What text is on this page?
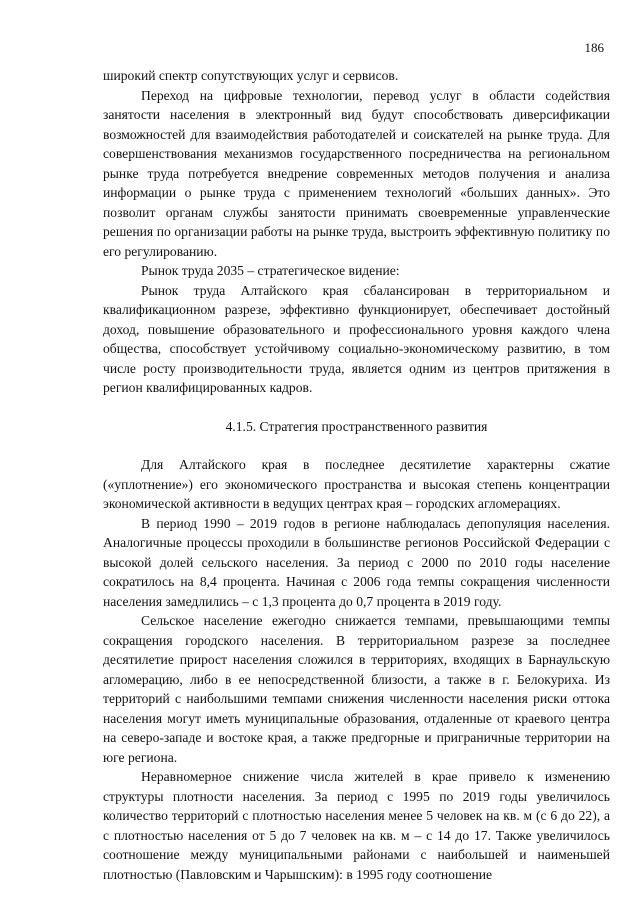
186

широкий спектр сопутствующих услуг и сервисов.

Переход на цифровые технологии, перевод услуг в области содействия занятости населения в электронный вид будут способствовать диверсификации возможностей для взаимодействия работодателей и соискателей на рынке труда. Для совершенствования механизмов государственного посредничества на региональном рынке труда потребуется внедрение современных методов получения и анализа информации о рынке труда с применением технологий «больших данных». Это позволит органам службы занятости принимать своевременные управленческие решения по организации работы на рынке труда, выстроить эффективную политику по его регулированию.

Рынок труда 2035 – стратегическое видение:

Рынок труда Алтайского края сбалансирован в территориальном и квалификационном разрезе, эффективно функционирует, обеспечивает достойный доход, повышение образовательного и профессионального уровня каждого члена общества, способствует устойчивому социально-экономическому развитию, в том числе росту производительности труда, является одним из центров притяжения в регион квалифицированных кадров.

4.1.5. Стратегия пространственного развития

Для Алтайского края в последнее десятилетие характерны сжатие («уплотнение») его экономического пространства и высокая степень концентрации экономической активности в ведущих центрах края – городских агломерациях.

В период 1990 – 2019 годов в регионе наблюдалась депопуляция населения. Аналогичные процессы проходили в большинстве регионов Российской Федерации с высокой долей сельского населения. За период с 2000 по 2010 годы население сократилось на 8,4 процента. Начиная с 2006 года темпы сокращения численности населения замедлились – с 1,3 процента до 0,7 процента в 2019 году.

Сельское население ежегодно снижается темпами, превышающими темпы сокращения городского населения. В территориальном разрезе за последнее десятилетие прирост населения сложился в территориях, входящих в Барнаульскую агломерацию, либо в ее непосредственной близости, а также в г. Белокуриха. Из территорий с наибольшими темпами снижения численности населения риски оттока населения могут иметь муниципальные образования, отдаленные от краевого центра на северо-западе и востоке края, а также предгорные и приграничные территории на юге региона.

Неравномерное снижение числа жителей в крае привело к изменению структуры плотности населения. За период с 1995 по 2019 годы увеличилось количество территорий с плотностью населения менее 5 человек на кв. м (с 6 до 22), а с плотностью населения от 5 до 7 человек на кв. м – с 14 до 17. Также увеличилось соотношение между муниципальными районами с наибольшей и наименьшей плотностью (Павловским и Чарышским): в 1995 году соотношение
